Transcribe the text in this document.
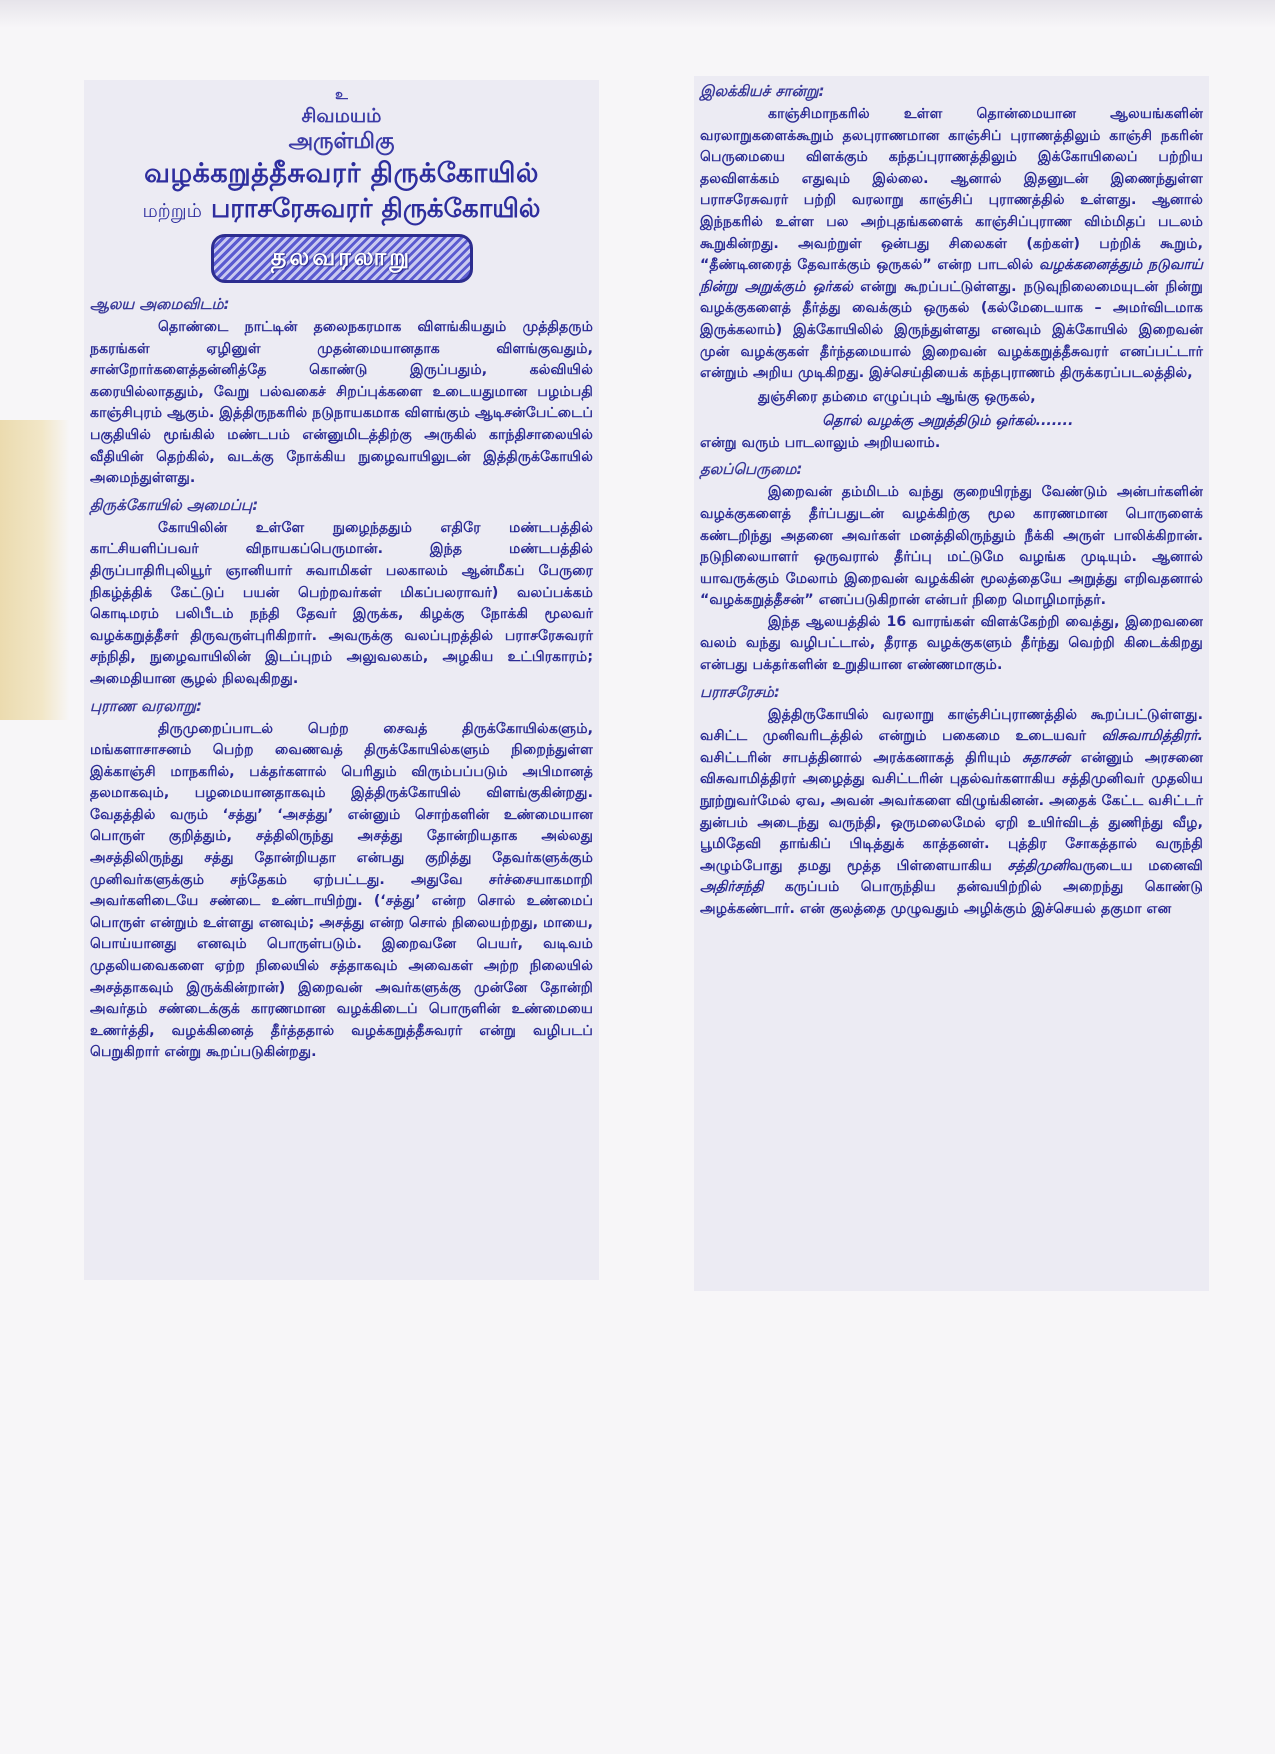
உ
சிவமயம்
அருள்மிகு
வழக்கறுத்தீசுவரர் திருக்கோயில்
மற்றும் பராசரேசுவரர் திருக்கோயில்
தலவரலாறு
ஆலய அமைவிடம்:

தொண்டை நாட்டின் தலைநகரமாக விளங்கியதும் முத்திதரும் நகரங்கள் ஏழினுள் முதன்மையானதாக விளங்குவதும், சான்றோர்களைத்தன்னித்தே கொண்டு இருப்பதும், கல்வியில் கரையில்லாததும், வேறு பல்வகைச் சிறப்புக்களை உடையதுமான பழம்பதி காஞ்சிபுரம் ஆகும். இத்திருநகரில் நடுநாயகமாக விளங்கும் ஆடிசன்பேட்டைப் பகுதியில் மூங்கில் மண்டபம் என்னுமிடத்திற்கு அருகில் காந்திசாலையில் வீதியின் தெற்கில், வடக்கு நோக்கிய நுழைவாயிலுடன் இத்திருக்கோயில் அமைந்துள்ளது.

திருக்கோயில் அமைப்பு:

கோயிலின் உள்ளே நுழைந்ததும் எதிரே மண்டபத்தில் காட்சியளிப்பவர் விநாயகப்பெருமான். இந்த மண்டபத்தில் திருப்பாதிரிபுலியூர் ஞானியார் சுவாமிகள் பலகாலம் ஆன்மீகப் பேருரை நிகழ்த்திக் கேட்டுப் பயன் பெற்றவர்கள் மிகப்பலராவர்) வலப்பக்கம் கொடிமரம் பலிபீடம் நந்தி தேவர் இருக்க, கிழக்கு நோக்கி மூலவர் வழக்கறுத்தீசர் திருவருள்புரிகிறார். அவருக்கு வலப்புறத்தில் பராசரேசுவரர் சந்நிதி, நுழைவாயிலின் இடப்புறம் அலுவலகம், அழகிய உட்பிரகாரம்; அமைதியான சூழல் நிலவுகிறது.

புராண வரலாறு:

திருமுறைப்பாடல் பெற்ற சைவத் திருக்கோயில்களும், மங்களாசாசனம் பெற்ற வைணவத் திருக்கோயில்களும் நிறைந்துள்ள இக்காஞ்சி மாநகரில், பக்தர்களால் பெரிதும் விரும்பப்படும் அபிமானத் தலமாகவும், பழமையானதாகவும் இத்திருக்கோயில் விளங்குகின்றது. வேதத்தில் வரும் ‘சத்து’ ‘அசத்து’ என்னும் சொற்களின் உண்மையான பொருள் குறித்தும், சத்திலிருந்து அசத்து தோன்றியதாக அல்லது அசத்திலிருந்து சத்து தோன்றியதா என்பது குறித்து தேவர்களுக்கும் முனிவர்களுக்கும் சந்தேகம் ஏற்பட்டது. அதுவே சர்ச்சையாகமாறி அவர்களிடையே சண்டை உண்டாயிற்று. (‘சத்து’ என்ற சொல் உண்மைப் பொருள் என்றும் உள்ளது எனவும்; அசத்து என்ற சொல் நிலையற்றது, மாயை, பொய்யானது எனவும் பொருள்படும். இறைவனே பெயர், வடிவம் முதலியவைகளை ஏற்ற நிலையில் சத்தாகவும் அவைகள் அற்ற நிலையில் அசத்தாகவும் இருக்கின்றான்) இறைவன் அவர்களுக்கு முன்னே தோன்றி அவர்தம் சண்டைக்குக் காரணமான வழக்கிடைப் பொருளின் உண்மையை உணர்த்தி, வழக்கினைத் தீர்த்ததால் வழக்கறுத்தீசுவரர் என்று வழிபடப் பெறுகிறார் என்று கூறப்படுகின்றது.

இலக்கியச் சான்று:

காஞ்சிமாநகரில் உள்ள தொன்மையான ஆலயங்களின் வரலாறுகளைக்கூறும் தலபுராணமான காஞ்சிப் புராணத்திலும் காஞ்சி நகரின் பெருமையை விளக்கும் கந்தப்புராணத்திலும் இக்கோயிலைப் பற்றிய தலவிளக்கம் எதுவும் இல்லை. ஆனால் இதனுடன் இணைந்துள்ள பராசரேசுவரர் பற்றி வரலாறு காஞ்சிப் புராணத்தில் உள்ளது. ஆனால் இந்நகரில் உள்ள பல அற்புதங்களைக் காஞ்சிப்புராண விம்மிதப் படலம் கூறுகின்றது. அவற்றுள் ஒன்பது சிலைகள் (கற்கள்) பற்றிக் கூறும், “தீண்டினரைத் தேவாக்கும் ஒருகல்” என்ற பாடலில் வழக்கனைத்தும் நடுவாய் நின்று அறுக்கும் ஒர்கல் என்று கூறப்பட்டுள்ளது. நடுவுநிலைமையுடன் நின்று வழக்குகளைத் தீர்த்து வைக்கும் ஒருகல் (கல்மேடையாக – அமர்விடமாக இருக்கலாம்) இக்கோயிலில் இருந்துள்ளது எனவும் இக்கோயில் இறைவன் முன் வழக்குகள் தீர்ந்தமையால் இறைவன் வழக்கறுத்தீசுவரர் எனப்பட்டார் என்றும் அறிய முடிகிறது. இச்செய்தியைக் கந்தபுராணம் திருக்கரப்படலத்தில்,

துஞ்சிரை தம்மை எழுப்பும் ஆங்கு ஒருகல்,
தொல் வழக்கு அறுத்திடும் ஒர்கல்.......

என்று வரும் பாடலாலும் அறியலாம்.

தலப்பெருமை:

இறைவன் தம்மிடம் வந்து குறையிரந்து வேண்டும் அன்பர்களின் வழக்குகளைத் தீர்ப்பதுடன் வழக்கிற்கு மூல காரணமான பொருளைக் கண்டறிந்து அதனை அவர்கள் மனத்திலிருந்தும் நீக்கி அருள் பாலிக்கிறான். நடுநிலையாளர் ஒருவரால் தீர்ப்பு மட்டுமே வழங்க முடியும். ஆனால் யாவருக்கும் மேலாம் இறைவன் வழக்கின் மூலத்தையே அறுத்து எறிவதனால் “வழக்கறுத்தீசன்” எனப்படுகிறான் என்பர் நிறை மொழிமாந்தர்.

இந்த ஆலயத்தில் 16 வாரங்கள் விளக்கேற்றி வைத்து, இறைவனை வலம் வந்து வழிபட்டால், தீராத வழக்குகளும் தீர்ந்து வெற்றி கிடைக்கிறது என்பது பக்தர்களின் உறுதியான எண்ணமாகும்.

பராசரேசம்:

இத்திருகோயில் வரலாறு காஞ்சிப்புராணத்தில் கூறப்பட்டுள்ளது. வசிட்ட முனிவரிடத்தில் என்றும் பகைமை உடையவர் விசுவாமித்திரர். வசிட்டரின் சாபத்தினால் அரக்கனாகத் திரியும் சுதாசன் என்னும் அரசனை விசுவாமித்திரர் அழைத்து வசிட்டரின் புதல்வர்களாகிய சத்திமுனிவர் முதலிய நூற்றுவர்மேல் ஏவ, அவன் அவர்களை விழுங்கினன். அதைக் கேட்ட வசிட்டர் துன்பம் அடைந்து வருந்தி, ஒருமலைமேல் ஏறி உயிர்விடத் துணிந்து வீழ, பூமிதேவி தாங்கிப் பிடித்துக் காத்தனள். புத்திர சோகத்தால் வருந்தி அழும்போது தமது மூத்த பிள்ளையாகிய சத்திமுனிவருடைய மனைவி அதிர்சந்தி கருப்பம் பொருந்திய தன்வயிற்றில் அறைந்து கொண்டு அழக்கண்டார். என் குலத்தை முழுவதும் அழிக்கும் இச்செயல் தகுமா என
